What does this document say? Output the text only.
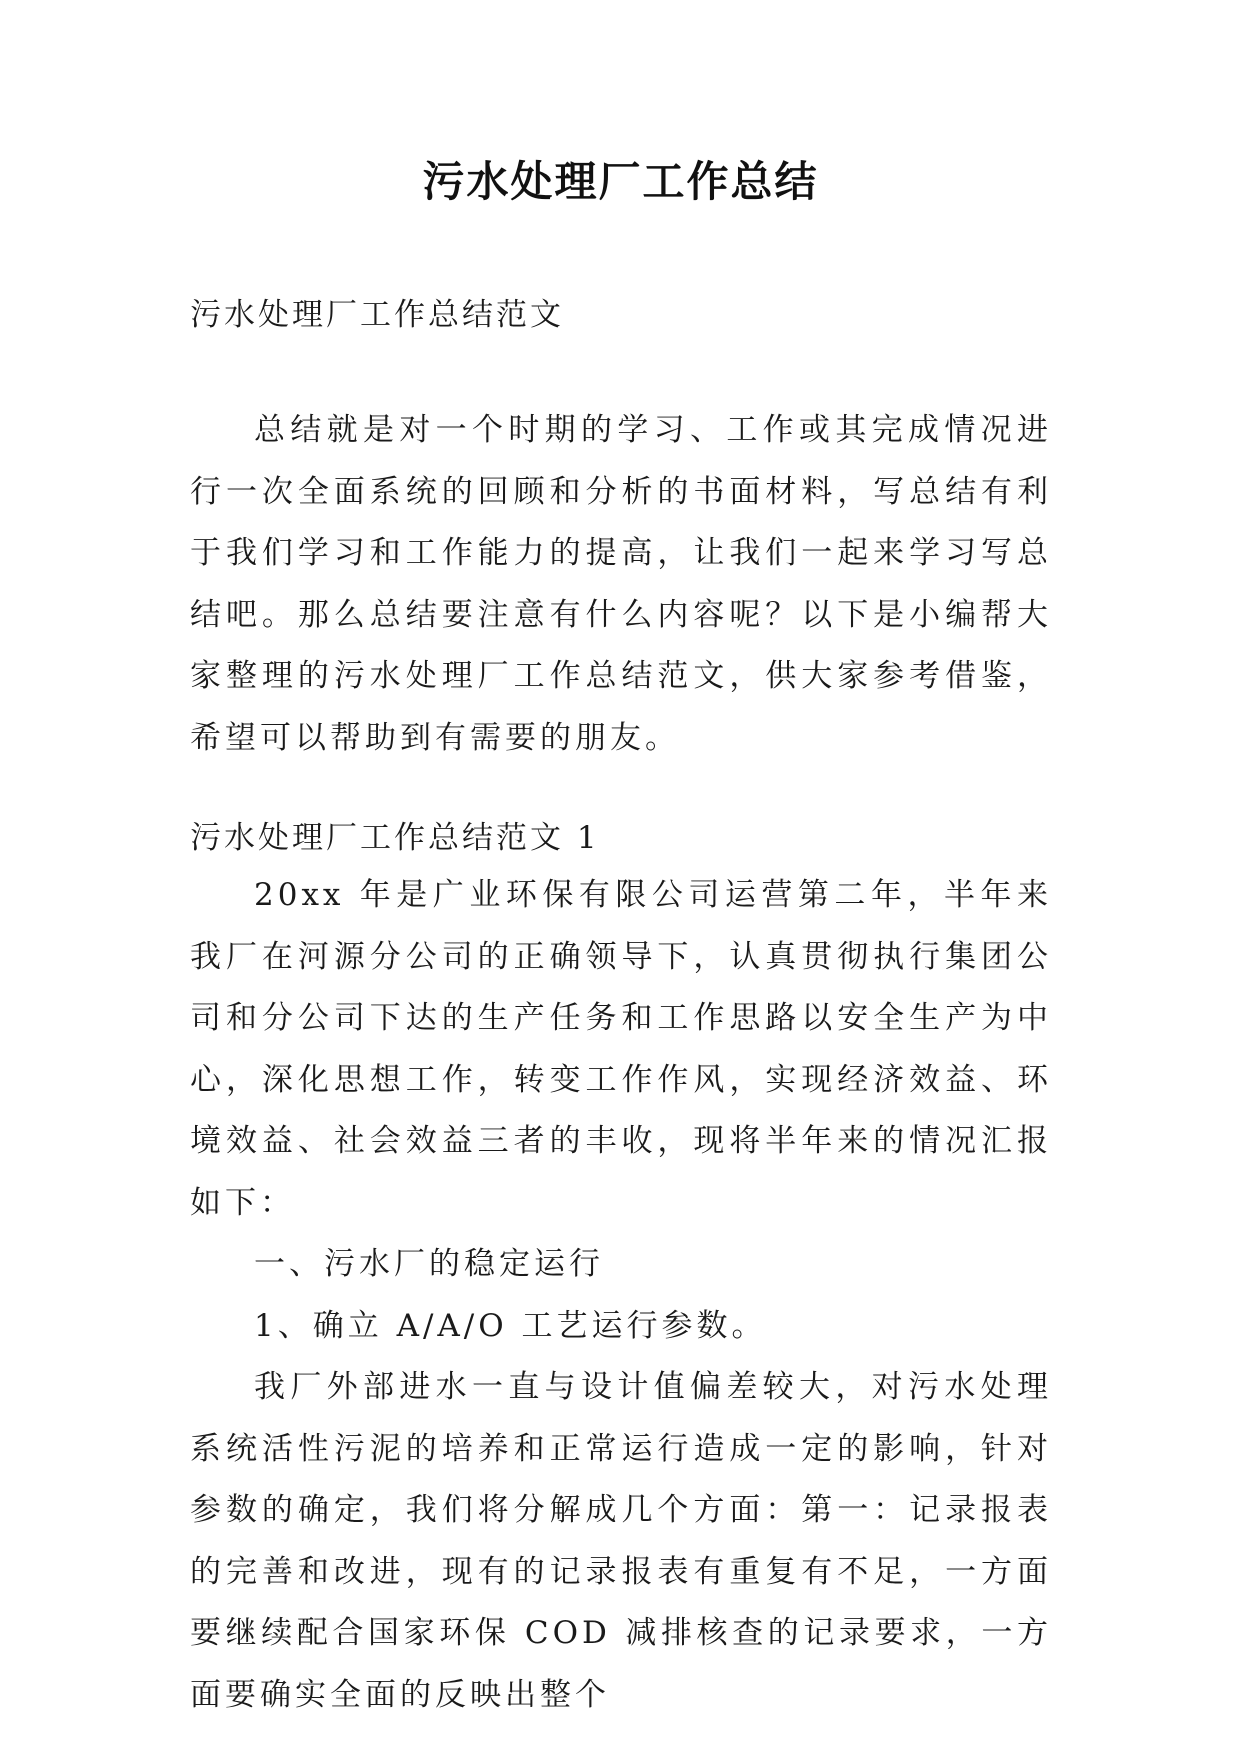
污水处理厂工作总结
污水处理厂工作总结范文

总结就是对一个时期的学习、工作或其完成情况进行一次全面系统的回顾和分析的书面材料，写总结有利于我们学习和工作能力的提高，让我们一起来学习写总结吧。那么总结要注意有什么内容呢？以下是小编帮大家整理的污水处理厂工作总结范文，供大家参考借鉴，希望可以帮助到有需要的朋友。

污水处理厂工作总结范文 1

20xx 年是广业环保有限公司运营第二年，半年来我厂在河源分公司的正确领导下，认真贯彻执行集团公司和分公司下达的生产任务和工作思路以安全生产为中心，深化思想工作，转变工作作风，实现经济效益、环境效益、社会效益三者的丰收，现将半年来的情况汇报如下：

一、污水厂的稳定运行

1、确立 A/A/O 工艺运行参数。

我厂外部进水一直与设计值偏差较大，对污水处理系统活性污泥的培养和正常运行造成一定的影响，针对参数的确定，我们将分解成几个方面：第一：记录报表的完善和改进，现有的记录报表有重复有不足，一方面要继续配合国家环保 COD 减排核查的记录要求，一方面要确实全面的反映出整个
